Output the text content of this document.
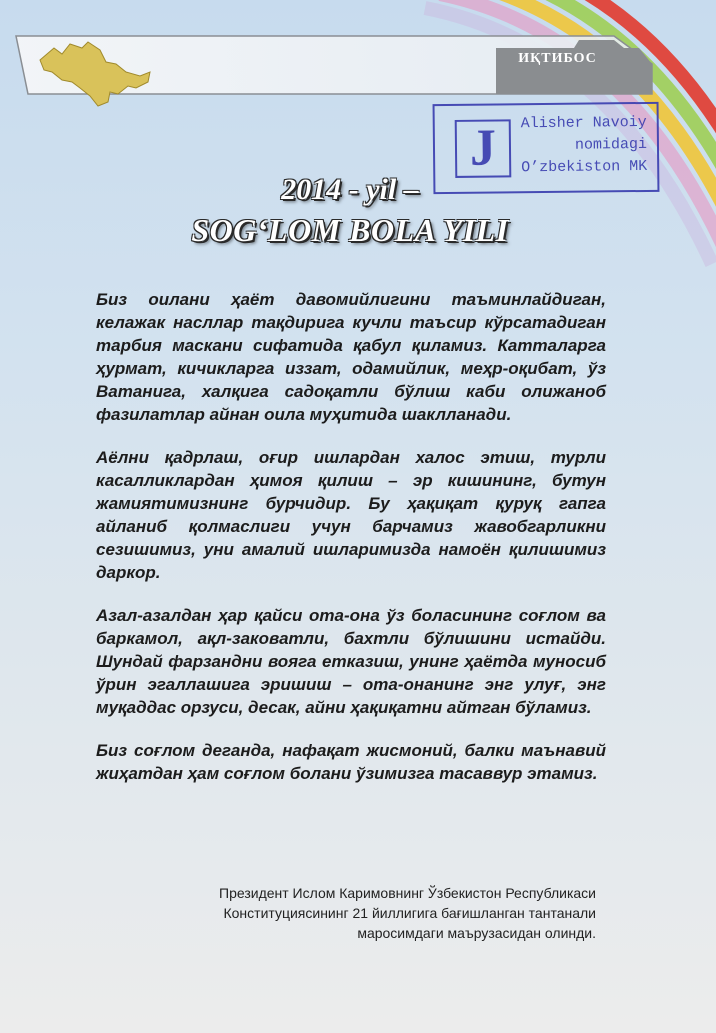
ИҚТИБОС
J	Alisher Navoiy
nomidagi
O’zbekiston MK
2014 - yil –
SOG‘LOM BOLA YILI

Биз оилани ҳаёт давомийлигини таъминлайдиган, келажак насллар тақдирига кучли таъсир кўрсатадиган тарбия маскани сифатида қабул қиламиз. Катталарга ҳурмат, кичикларга иззат, одамийлик, меҳр-оқибат, ўз Ватанига, халқига садоқатли бўлиш каби олижаноб фазилатлар айнан оила муҳитида шаклланади.

Аёлни қадрлаш, оғир ишлардан халос этиш, турли касалликлардан ҳимоя қилиш – эр кишининг, бутун жамиятимизнинг бурчидир. Бу ҳақиқат қуруқ гапга айланиб қолмаслиги учун барчамиз жавобгарликни сезишимиз, уни амалий ишларимизда намоён қилишимиз даркор.

Азал-азалдан ҳар қайси ота-она ўз боласининг соғлом ва баркамол, ақл-заковатли, бахтли бўлишини истайди. Шундай фарзандни вояга етказиш, унинг ҳаётда муносиб ўрин эгаллашига эришиш – ота-онанинг энг улуғ, энг муқаддас орзуси, десак, айни ҳақиқатни айтган бўламиз.

Биз соғлом деганда, нафақат жисмоний, балки маънавий жиҳатдан ҳам соғлом болани ўзимизга тасаввур этамиз.

Президент Ислом Каримовнинг Ўзбекистон Республикаси
Конституциясининг 21 йиллигига бағишланган тантанали
маросимдаги маърузасидан олинди.
